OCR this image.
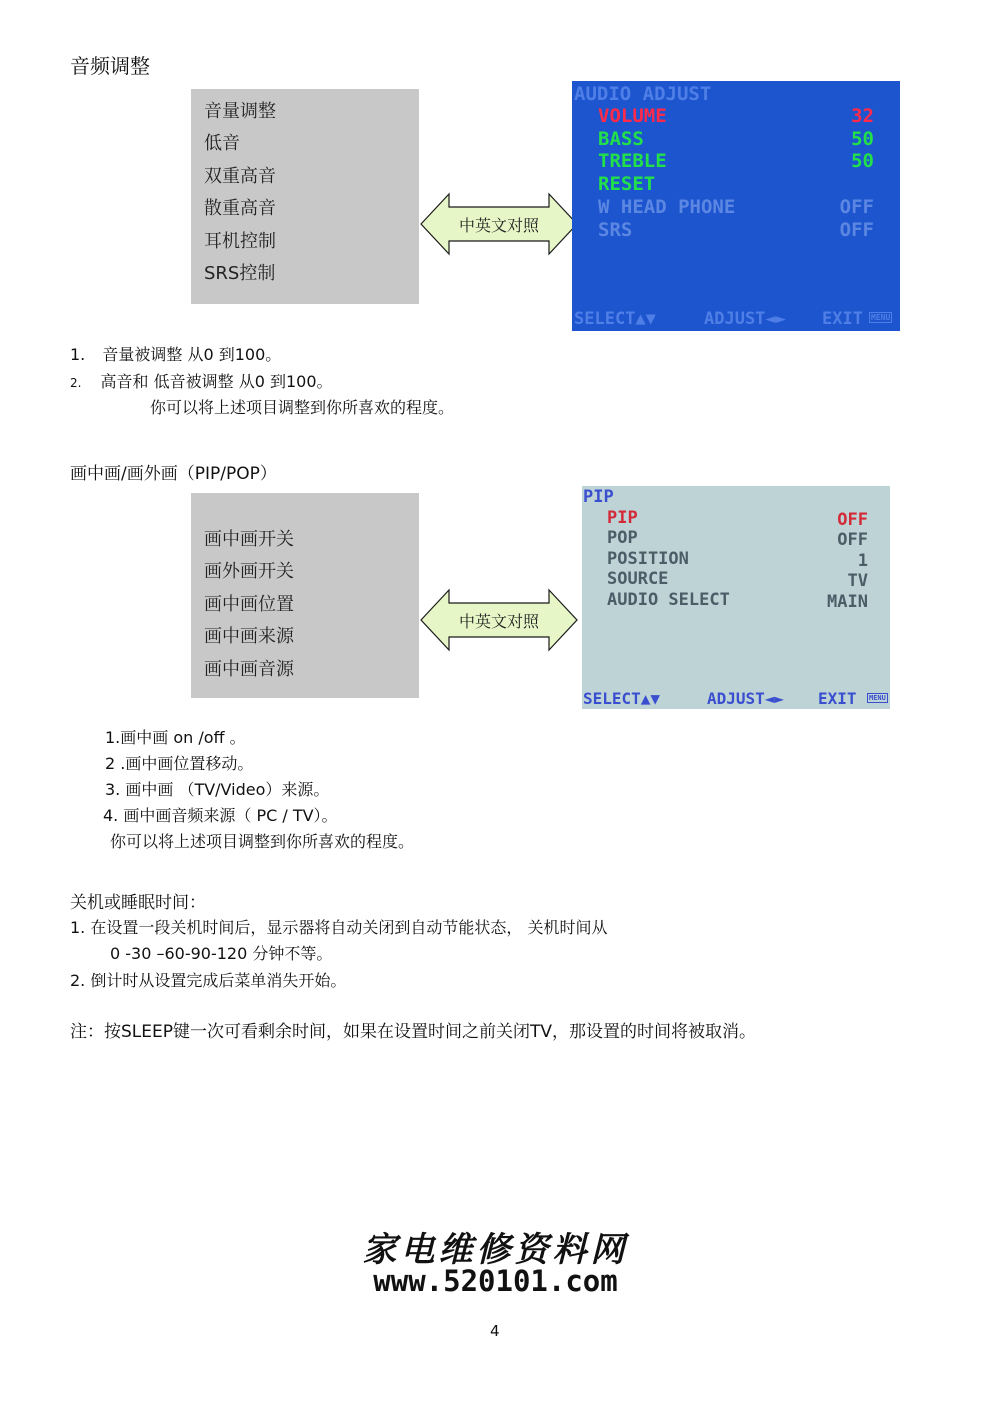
音频调整
音量调整
低音
双重高音
散重高音
耳机控制
SRS控制
中英文对照
AUDIO ADJUST
VOLUME	32
BASS	50
TREBLE	50
RESET
W HEAD PHONE	OFF
SRS	OFF
SELECT▲▼	ADJUST◄► EXIT MENU
1. 音量被调整 从0 到100。
2. 高音和 低音被调整 从0 到100。
你可以将上述项目调整到你所喜欢的程度。
画中画/画外画（PIP/POP）
画中画开关
画外画开关
画中画位置
画中画来源
画中画音源
中英文对照
PIP
PIP	OFF
POP	OFF
POSITION	1
SOURCE	TV
AUDIO SELECT	MAIN
SELECT▲▼	ADJUST◄► EXIT MENU
1.画中画 on /off 。
2 .画中画位置移动。
3. 画中画 （TV/Video）来源。
4. 画中画音频来源（ PC / TV）。
你可以将上述项目调整到你所喜欢的程度。
关机或睡眠时间：
1. 在设置一段关机时间后，显示器将自动关闭到自动节能状态， 关机时间从
0 -30 –60-90-120 分钟不等。
2. 倒计时从设置完成后菜单消失开始。
注：按SLEEP键一次可看剩余时间，如果在设置时间之前关闭TV，那设置的时间将被取消。
家电维修资料网
www.520101.com
4
